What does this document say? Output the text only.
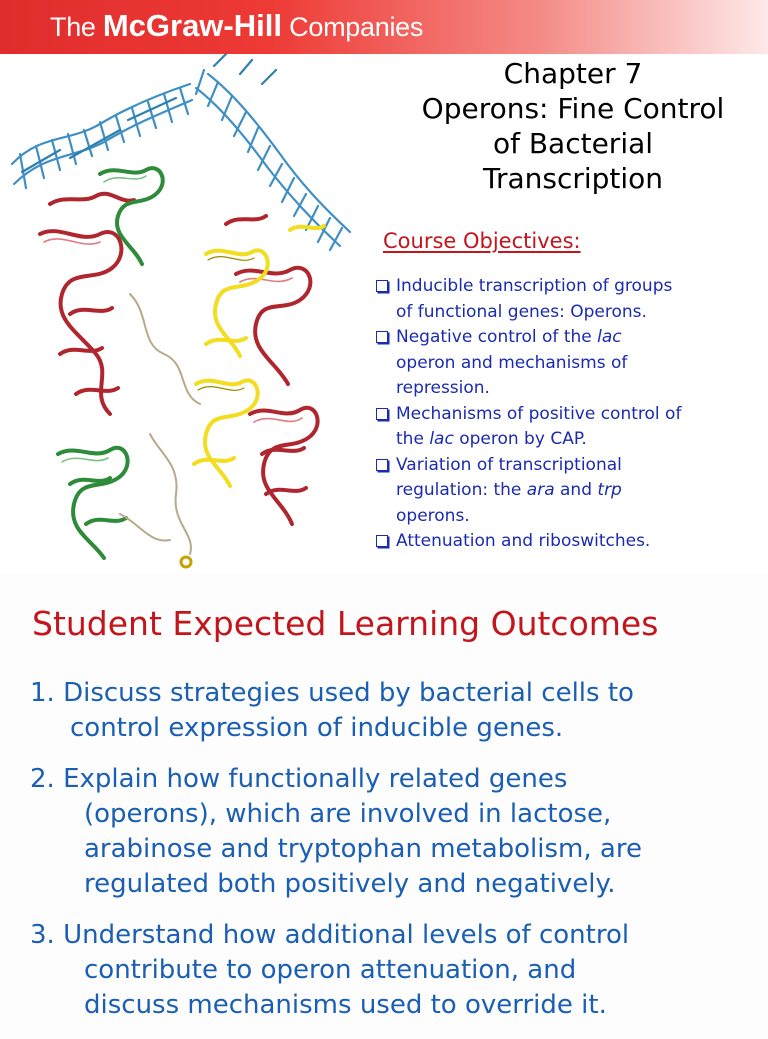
The McGraw-Hill Companies
Chapter 7
Operons: Fine Control
of Bacterial
Transcription
Course Objectives:
Inducible transcription of groups
of functional genes: Operons.
Negative control of the lac
operon and mechanisms of
repression.
Mechanisms of positive control of
the lac operon by CAP.
Variation of transcriptional
regulation: the ara and trp
operons.
Attenuation and riboswitches.
Student Expected Learning Outcomes
1. Discuss strategies used by bacterial cells to
control expression of inducible genes.
2. Explain how functionally related genes
(operons), which are involved in lactose,
arabinose and tryptophan metabolism, are
regulated both positively and negatively.
3. Understand how additional levels of control
contribute to operon attenuation, and
discuss mechanisms used to override it.
